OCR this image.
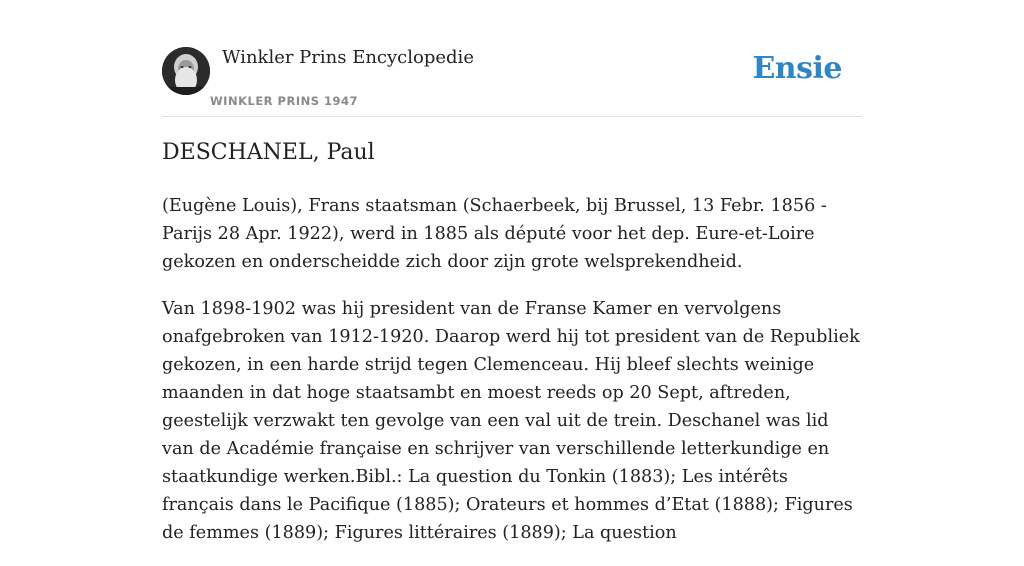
Winkler Prins Encyclopedie
WINKLER PRINS 1947
Ensie
DESCHANEL, Paul

(Eugène Louis), Frans staatsman (Schaerbeek, bij Brussel, 13 Febr. 1856 - Parijs 28 Apr. 1922), werd in 1885 als député voor het dep. Eure-et-Loire gekozen en onderscheidde zich door zijn grote welsprekendheid.

Van 1898-1902 was hij president van de Franse Kamer en vervolgens onafgebroken van 1912-1920. Daarop werd hij tot president van de Republiek gekozen, in een harde strijd tegen Clemenceau. Hij bleef slechts weinige maanden in dat hoge staatsambt en moest reeds op 20 Sept, aftreden, geestelijk verzwakt ten gevolge van een val uit de trein. Deschanel was lid van de Académie française en schrijver van verschillende letterkundige en staatkundige werken.Bibl.: La question du Tonkin (1883); Les intérêts français dans le Pacifique (1885); Orateurs et hommes d’Etat (1888); Figures de femmes (1889); Figures littéraires (1889); La question
